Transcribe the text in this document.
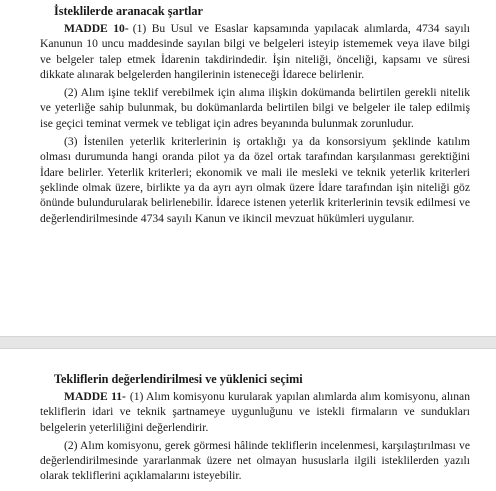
İsteklilerde aranacak şartlar

MADDE 10- (1) Bu Usul ve Esaslar kapsamında yapılacak alımlarda, 4734 sayılı Kanunun 10 uncu maddesinde sayılan bilgi ve belgeleri isteyip istememek veya ilave bilgi ve belgeler talep etmek İdarenin takdirindedir. İşin niteliği, önceliği, kapsamı ve süresi dikkate alınarak belgelerden hangilerinin isteneceği İdarece belirlenir.

(2) Alım işine teklif verebilmek için alıma ilişkin dokümanda belirtilen gerekli nitelik ve yeterliğe sahip bulunmak, bu dokümanlarda belirtilen bilgi ve belgeler ile talep edilmiş ise geçici teminat vermek ve tebligat için adres beyanında bulunmak zorunludur.

(3) İstenilen yeterlik kriterlerinin iş ortaklığı ya da konsorsiyum şeklinde katılım olması durumunda hangi oranda pilot ya da özel ortak tarafından karşılanması gerektiğini İdare belirler. Yeterlik kriterleri; ekonomik ve mali ile mesleki ve teknik yeterlik kriterleri şeklinde olmak üzere, birlikte ya da ayrı ayrı olmak üzere İdare tarafından işin niteliği göz önünde bulundurularak belirlenebilir. İdarece istenen yeterlik kriterlerinin tevsik edilmesi ve değerlendirilmesinde 4734 sayılı Kanun ve ikincil mevzuat hükümleri uygulanır.

Tekliflerin değerlendirilmesi ve yüklenici seçimi

MADDE 11- (1) Alım komisyonu kurularak yapılan alımlarda alım komisyonu, alınan tekliflerin idari ve teknik şartnameye uygunluğunu ve istekli firmaların ve sundukları belgelerin yeterliliğini değerlendirir.

(2) Alım komisyonu, gerek görmesi hâlinde tekliflerin incelenmesi, karşılaştırılması ve değerlendirilmesinde yararlanmak üzere net olmayan hususlarla ilgili isteklilerden yazılı olarak tekliflerini açıklamalarını isteyebilir.
